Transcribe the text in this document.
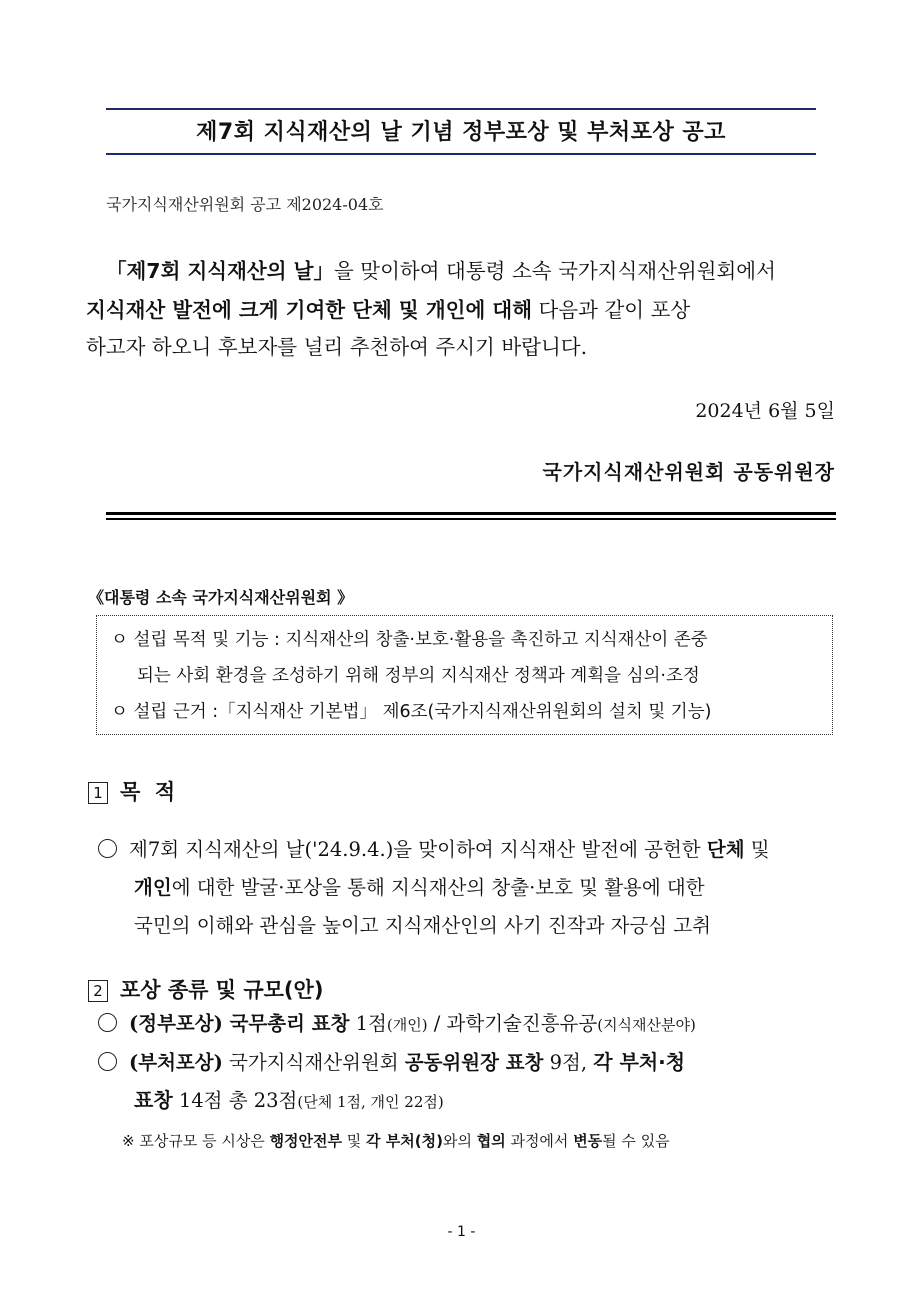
제7회 지식재산의 날 기념 정부포상 및 부처포상 공고
국가지식재산위원회 공고 제2024-04호
「제7회 지식재산의 날」을 맞이하여 대통령 소속 국가지식재산위원회에서
지식재산 발전에 크게 기여한 단체 및 개인에 대해 다음과 같이 포상
하고자 하오니 후보자를 널리 추천하여 주시기 바랍니다.
2024년 6월 5일
국가지식재산위원회 공동위원장
《대통령 소속 국가지식재산위원회 》
ㅇ 설립 목적 및 기능 : 지식재산의 창출·보호·활용을 촉진하고 지식재산이 존중
되는 사회 환경을 조성하기 위해 정부의 지식재산 정책과 계획을 심의·조정
ㅇ 설립 근거 :「지식재산 기본법」 제6조(국가지식재산위원회의 설치 및 기능)
1 목  적
제7회 지식재산의 날('24.9.4.)을 맞이하여 지식재산 발전에 공헌한 단체 및
개인에 대한 발굴·포상을 통해 지식재산의 창출·보호 및 활용에 대한
국민의 이해와 관심을 높이고 지식재산인의 사기 진작과 자긍심 고취
2 포상 종류 및 규모(안)
(정부포상) 국무총리 표창 1점(개인) / 과학기술진흥유공(지식재산분야)
(부처포상) 국가지식재산위원회 공동위원장 표창 9점, 각 부처·청
표창 14점 총 23점(단체 1점, 개인 22점)
※ 포상규모 등 시상은 행정안전부 및 각 부처(청)와의 협의 과정에서 변동될 수 있음
- 1 -
